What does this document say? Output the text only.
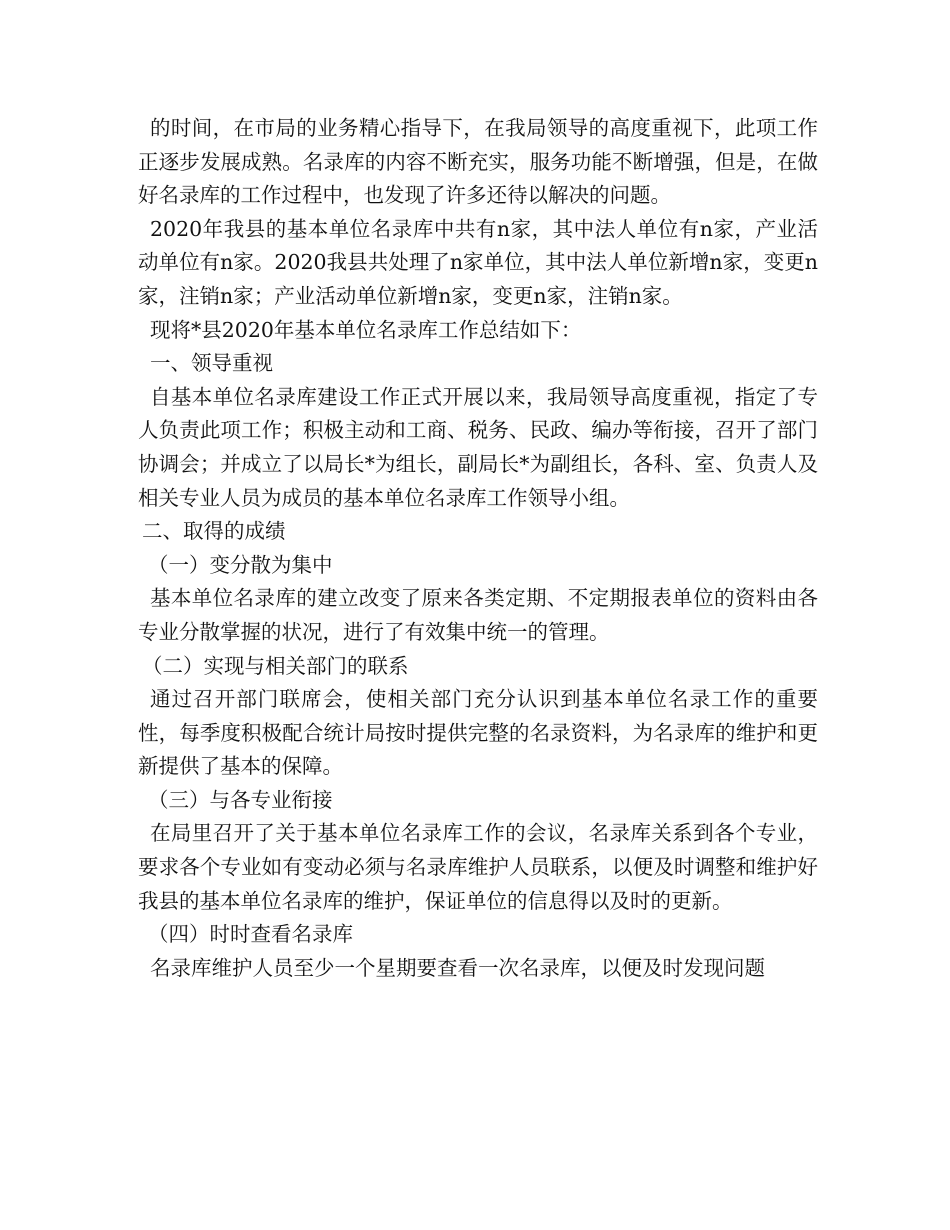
的时间，在市局的业务精心指导下，在我局领导的高度重视下，此项工作正逐步发展成熟。名录库的内容不断充实，服务功能不断增强，但是，在做好名录库的工作过程中，也发现了许多还待以解决的问题。

2020年我县的基本单位名录库中共有n家，其中法人单位有n家，产业活动单位有n家。2020我县共处理了n家单位，其中法人单位新增n家，变更n家，注销n家；产业活动单位新增n家，变更n家，注销n家。

现将*县2020年基本单位名录库工作总结如下：

一、领导重视

自基本单位名录库建设工作正式开展以来，我局领导高度重视，指定了专人负责此项工作；积极主动和工商、税务、民政、编办等衔接，召开了部门协调会；并成立了以局长*为组长，副局长*为副组长，各科、室、负责人及相关专业人员为成员的基本单位名录库工作领导小组。

二、取得的成绩

（一）变分散为集中

基本单位名录库的建立改变了原来各类定期、不定期报表单位的资料由各专业分散掌握的状况，进行了有效集中统一的管理。

（二）实现与相关部门的联系

通过召开部门联席会，使相关部门充分认识到基本单位名录工作的重要性，每季度积极配合统计局按时提供完整的名录资料，为名录库的维护和更新提供了基本的保障。

（三）与各专业衔接

在局里召开了关于基本单位名录库工作的会议，名录库关系到各个专业，要求各个专业如有变动必须与名录库维护人员联系，以便及时调整和维护好我县的基本单位名录库的维护，保证单位的信息得以及时的更新。

（四）时时查看名录库

名录库维护人员至少一个星期要查看一次名录库，以便及时发现问题
